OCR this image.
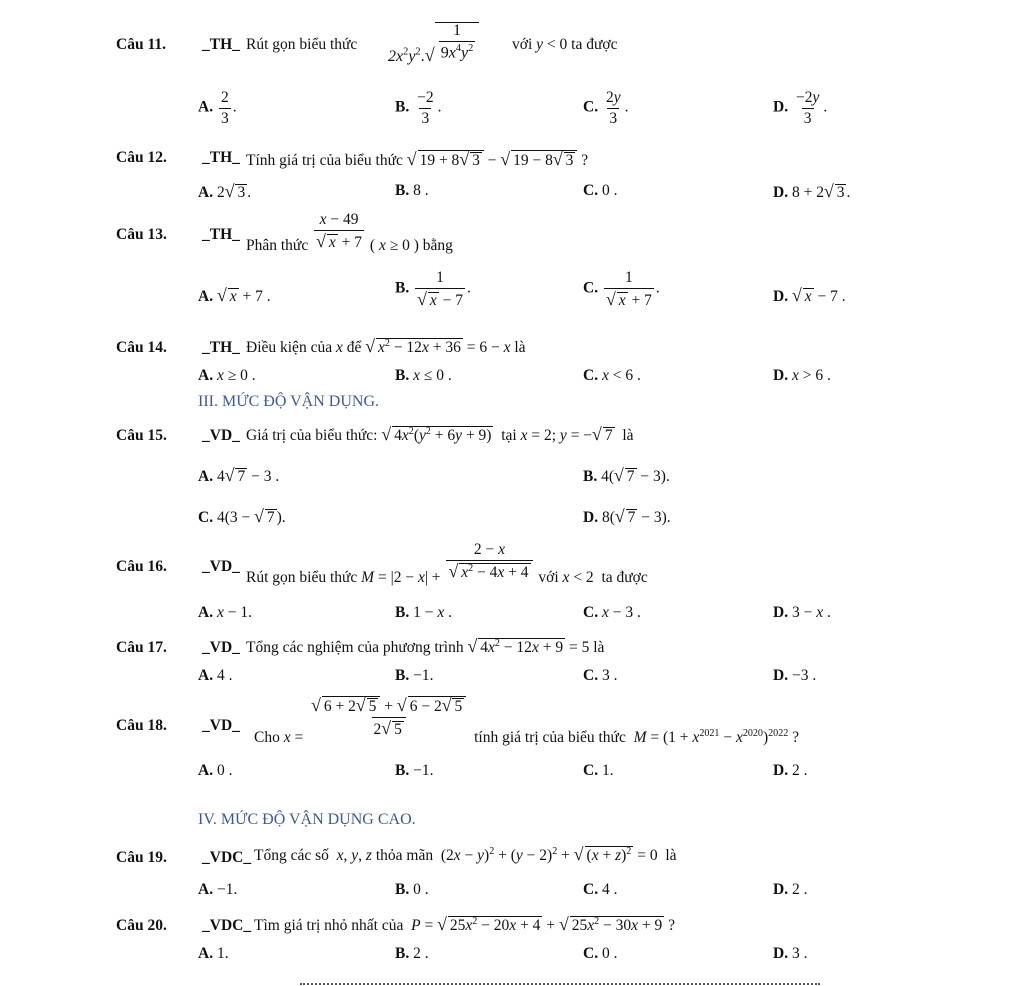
Câu 11. _TH_ Rút gọn biểu thức
$2x^2y^2.√ \frac{1}{9x^4y^2}$ với y < 0 ta được
A. $\frac{2}{3}$ .	B. $\frac{-2}{3}$ .	C. $\frac{2y}{3}$ .	D. $\frac{-2y}{3}$ .
Câu 12. _TH_ Tính giá trị của biểu thức √ 19 + 8√ 3 − √ 19 − 8√ 3 ?
A. 2√ 3 .	B. 8 .	C. 0 .	D. 8 + 2√ 3 .
Câu 13. _TH_
Phân thức $\frac{x - 49}{√ x + 7}$ ( x ≥ 0 ) bằng
A. √ x + 7 .	B. $\frac{1}{√ x - 7}$ .	C. $\frac{1}{√ x + 7}$ .	D. √ x − 7 .
Câu 14. _TH_ Điều kiện của x để √ $x^2 - 12x + 36 = 6 - x$ là
A. x ≥ 0 .	B. x ≤ 0 .	C. x < 6 .	D. x > 6 .
III. MỨC ĐỘ VẬN DỤNG.
Câu 15. _VD_ Giá trị của biểu thức: √ $4x^2(y^2 + 6y + 9)$ tại x = 2; y = −√ 7 là
A. 4√ 7 − 3 .	B. 4(√ 7 − 3).
C. 4(3 − √ 7 ).	D. 8(√ 7 − 3).
Câu 16. _VD_
Rút gọn biểu thức $M = |2 - x| + \frac{2 - x}{√ x^2 - 4x + 4}$ với x < 2  ta được
A. x − 1.	B. 1 − x .	C. x − 3 .	D. 3 − x .
Câu 17. _VD_ Tổng các nghiệm của phương trình √ $4x^2 - 12x + 9 = 5$ là
A. 4 .	B. −1.	C. 3 .	D. −3 .
Câu 18. _VD_
Cho x =
$\frac{√ 6 + 2√ 5 + √ 6 - 2√ 5}{2√ 5}$
tính giá trị của biểu thức $M = (1 + x^{2021} - x^{2020})^{2022}$ ?
A. 0 .	B. −1.	C. 1.	D. 2 .
IV. MỨC ĐỘ VẬN DỤNG CAO.
Câu 19. _VDC_ Tổng các số x, y, z thỏa mãn  $(2x - y)^2 + (y - 2)^2$ + √ $(x + z)^2 = 0$  là
A. −1.	B. 0 .	C. 4 .	D. 2 .
Câu 20. _VDC_ Tìm giá trị nhỏ nhất của P = √ $25x^2 - 20x + 4$ + √ $25x^2 - 30x + 9$ ?
A. 1.	B. 2 .	C. 0 .	D. 3 .
